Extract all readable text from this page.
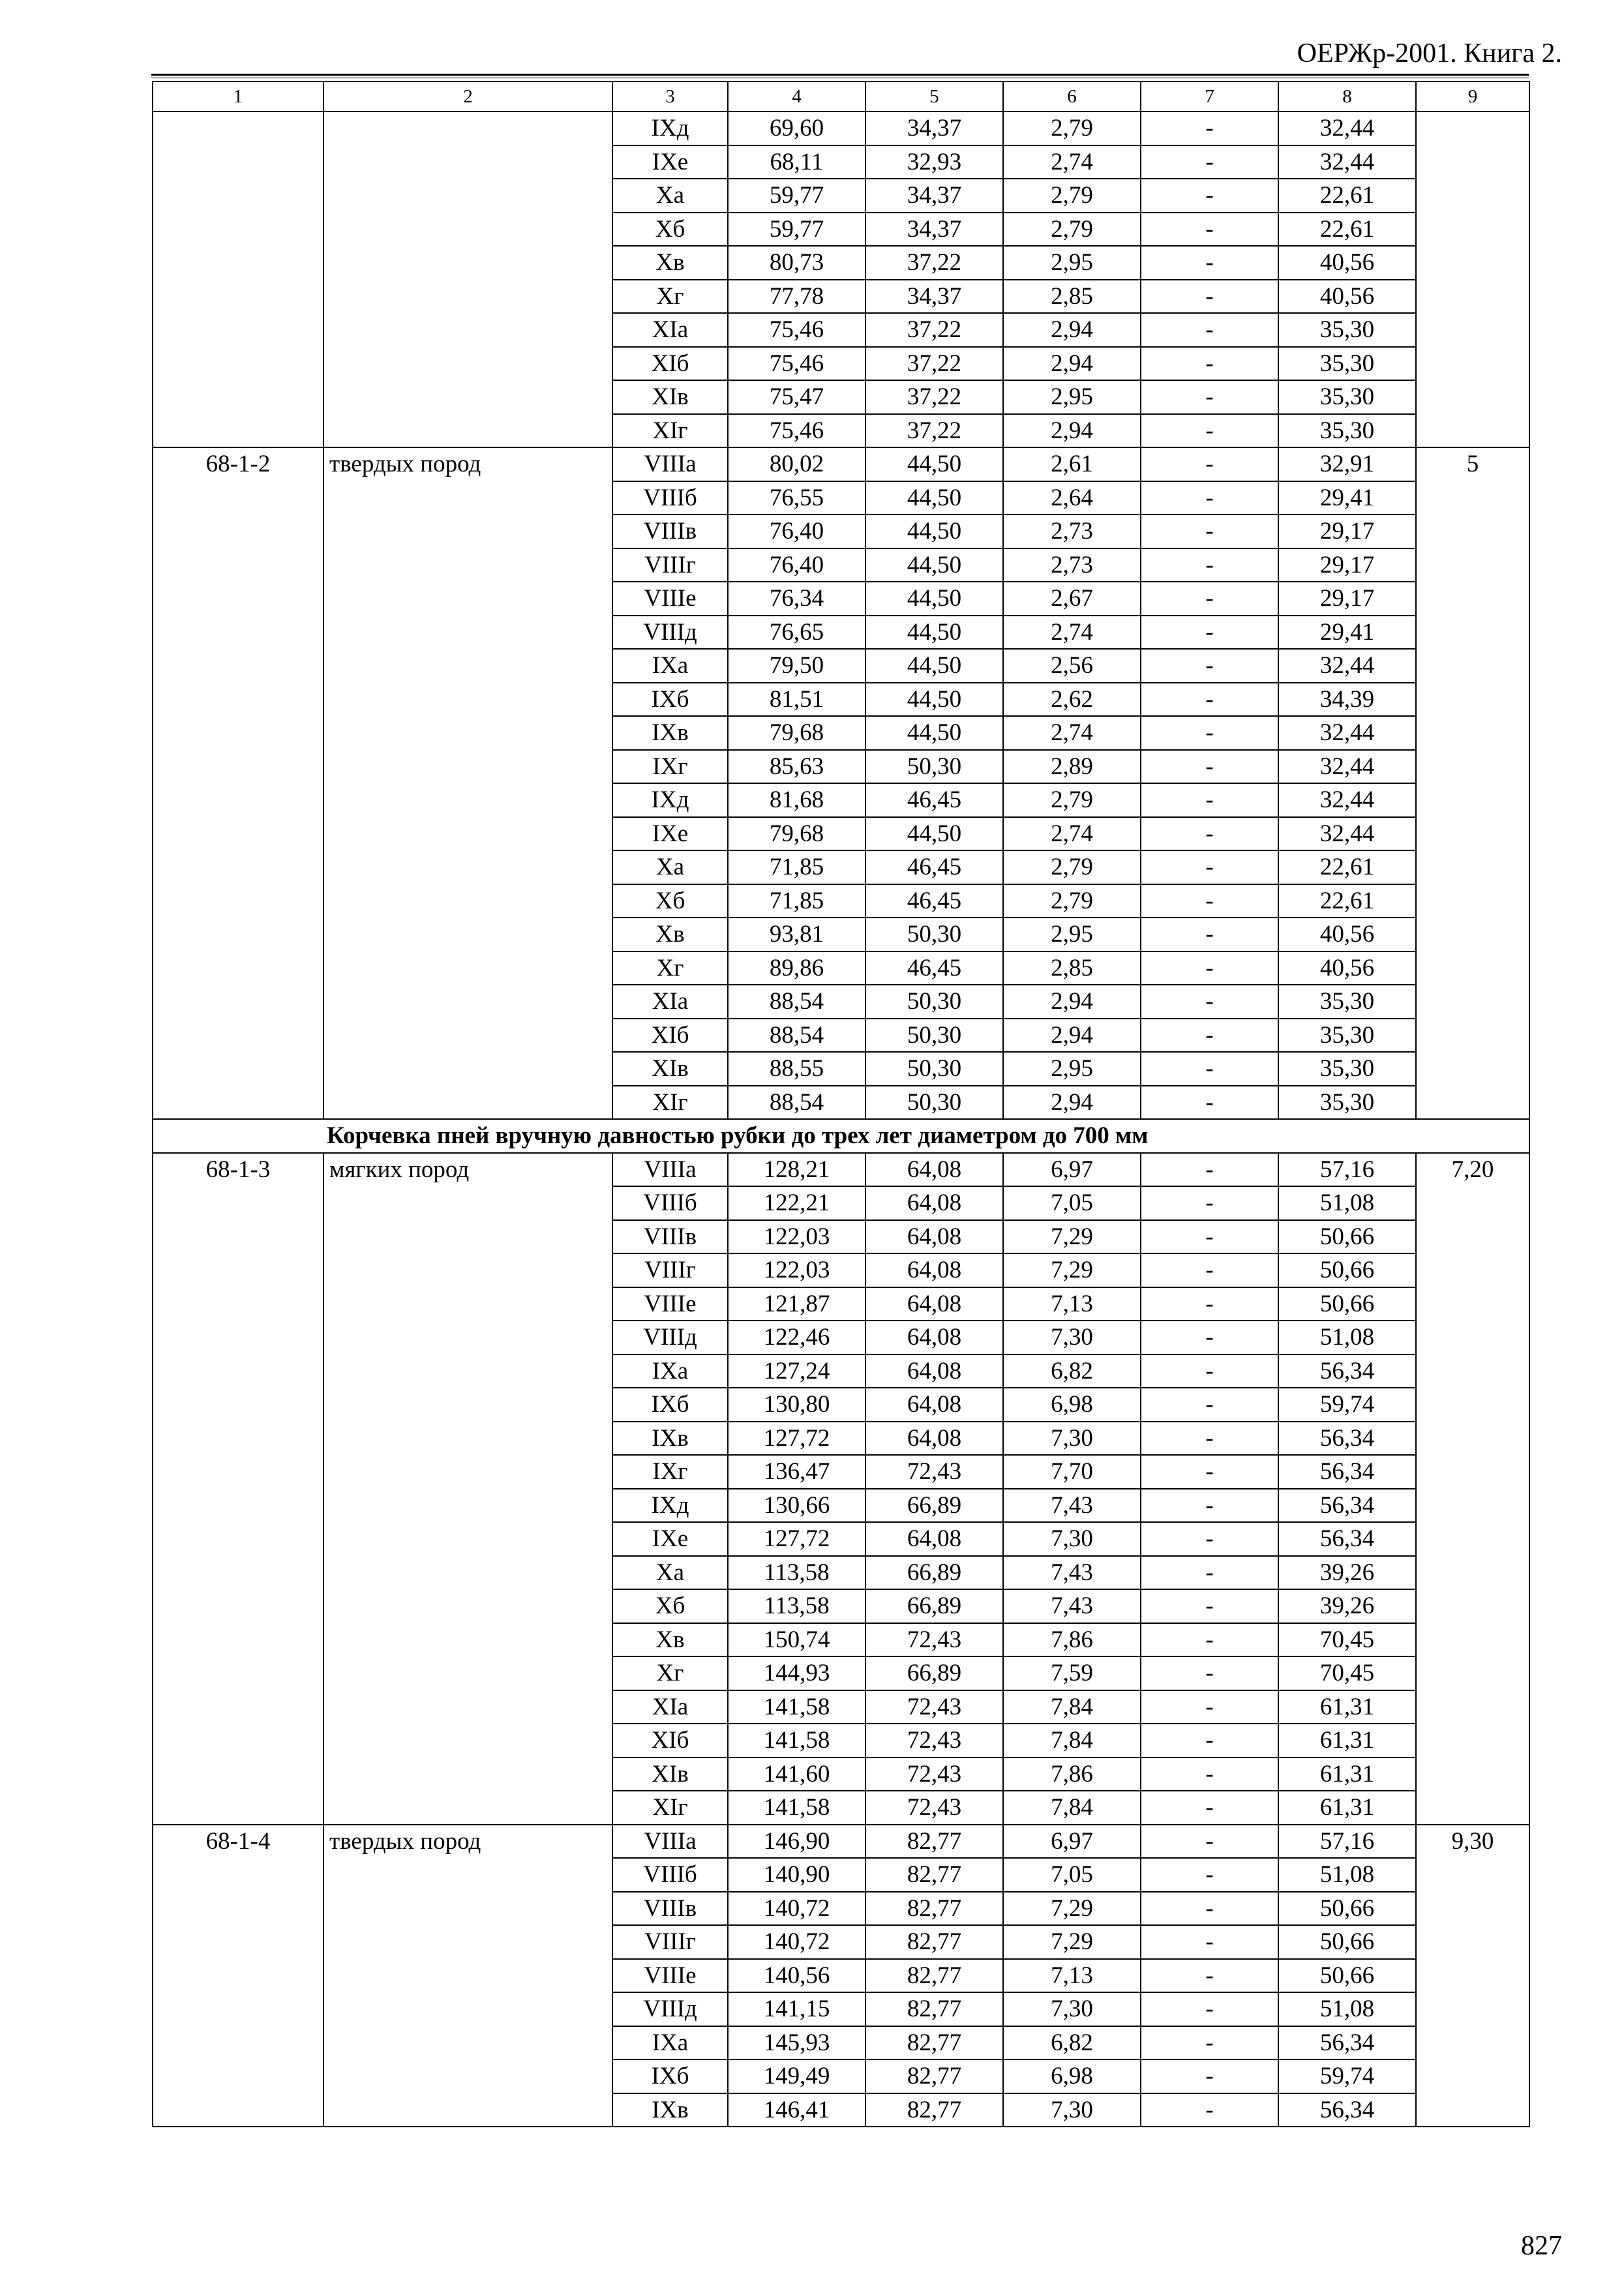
ОЕРЖр-2001. Книга 2.
1	2	3	4	5	6	7	8	9
		IXд	69,60	34,37	2,79	-	32,44	
		IXе	68,11	32,93	2,74	-	32,44	
		Xа	59,77	34,37	2,79	-	22,61	
		Xб	59,77	34,37	2,79	-	22,61	
		Xв	80,73	37,22	2,95	-	40,56	
		Xг	77,78	34,37	2,85	-	40,56	
		XIа	75,46	37,22	2,94	-	35,30	
		XIб	75,46	37,22	2,94	-	35,30	
		XIв	75,47	37,22	2,95	-	35,30	
		XIг	75,46	37,22	2,94	-	35,30	
68-1-2	твердых пород	VIIIа	80,02	44,50	2,61	-	32,91	5
		VIIIб	76,55	44,50	2,64	-	29,41	
		VIIIв	76,40	44,50	2,73	-	29,17	
		VIIIг	76,40	44,50	2,73	-	29,17	
		VIIIе	76,34	44,50	2,67	-	29,17	
		VIIIд	76,65	44,50	2,74	-	29,41	
		IXа	79,50	44,50	2,56	-	32,44	
		IXб	81,51	44,50	2,62	-	34,39	
		IXв	79,68	44,50	2,74	-	32,44	
		IXг	85,63	50,30	2,89	-	32,44	
		IXд	81,68	46,45	2,79	-	32,44	
		IXе	79,68	44,50	2,74	-	32,44	
		Xа	71,85	46,45	2,79	-	22,61	
		Xб	71,85	46,45	2,79	-	22,61	
		Xв	93,81	50,30	2,95	-	40,56	
		Xг	89,86	46,45	2,85	-	40,56	
		XIа	88,54	50,30	2,94	-	35,30	
		XIб	88,54	50,30	2,94	-	35,30	
		XIв	88,55	50,30	2,95	-	35,30	
		XIг	88,54	50,30	2,94	-	35,30	
Корчевка пней вручную давностью рубки до трех лет диаметром до 700 мм								
68-1-3	мягких пород	VIIIа	128,21	64,08	6,97	-	57,16	7,20
		VIIIб	122,21	64,08	7,05	-	51,08	
		VIIIв	122,03	64,08	7,29	-	50,66	
		VIIIг	122,03	64,08	7,29	-	50,66	
		VIIIе	121,87	64,08	7,13	-	50,66	
		VIIIд	122,46	64,08	7,30	-	51,08	
		IXа	127,24	64,08	6,82	-	56,34	
		IXб	130,80	64,08	6,98	-	59,74	
		IXв	127,72	64,08	7,30	-	56,34	
		IXг	136,47	72,43	7,70	-	56,34	
		IXд	130,66	66,89	7,43	-	56,34	
		IXе	127,72	64,08	7,30	-	56,34	
		Xа	113,58	66,89	7,43	-	39,26	
		Xб	113,58	66,89	7,43	-	39,26	
		Xв	150,74	72,43	7,86	-	70,45	
		Xг	144,93	66,89	7,59	-	70,45	
		XIа	141,58	72,43	7,84	-	61,31	
		XIб	141,58	72,43	7,84	-	61,31	
		XIв	141,60	72,43	7,86	-	61,31	
		XIг	141,58	72,43	7,84	-	61,31	
68-1-4	твердых пород	VIIIа	146,90	82,77	6,97	-	57,16	9,30
		VIIIб	140,90	82,77	7,05	-	51,08	
		VIIIв	140,72	82,77	7,29	-	50,66	
		VIIIг	140,72	82,77	7,29	-	50,66	
		VIIIе	140,56	82,77	7,13	-	50,66	
		VIIIд	141,15	82,77	7,30	-	51,08	
		IXа	145,93	82,77	6,82	-	56,34	
		IXб	149,49	82,77	6,98	-	59,74	
		IXв	146,41	82,77	7,30	-	56,34	
827
